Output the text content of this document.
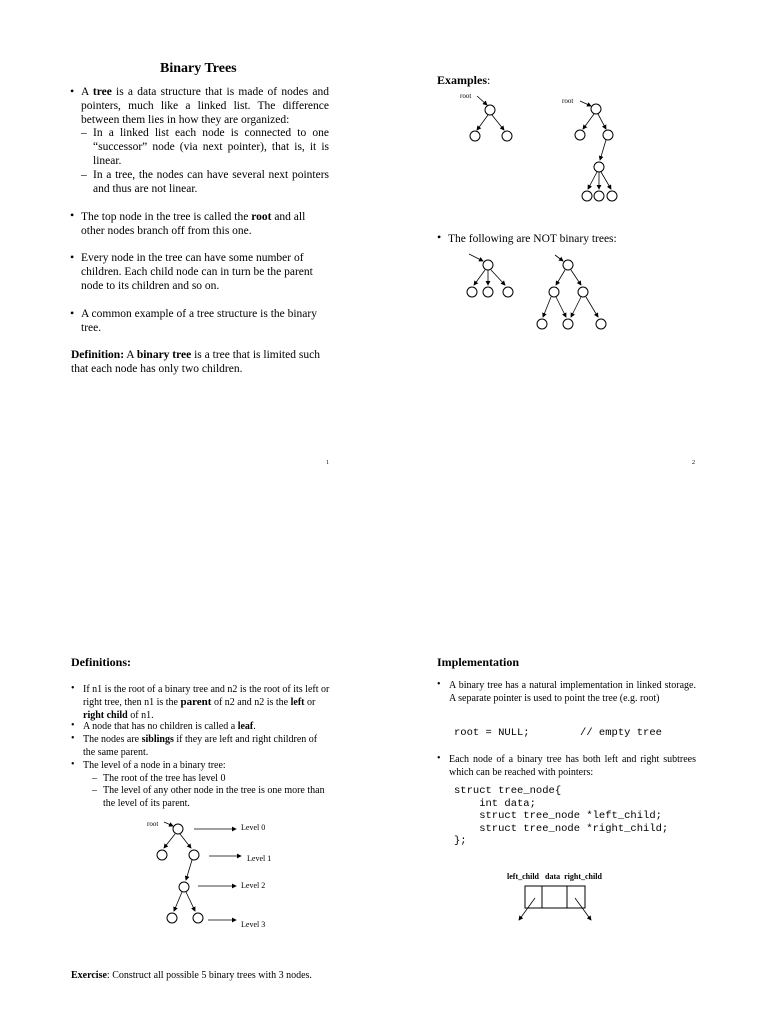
Binary Trees
• A tree is a data structure that is made of nodes and pointers, much like a linked list. The difference between them lies in how they are organized:
– In a linked list each node is connected to one “successor” node (via next pointer), that is, it is linear.
– In a tree, the nodes can have several next pointers and thus are not linear.
• The top node in the tree is called the root and all other nodes branch off from this one.
• Every node in the tree can have some number of children. Each child node can in turn be the parent node to its children and so on.
• A common example of a tree structure is the binary tree.
Definition: A binary tree is a tree that is limited such that each node has only two children.
1
Examples:
root
root
• The following are NOT binary trees:
2
Definitions:
• If n1 is the root of a binary tree and n2 is the root of its left or right tree, then n1 is the parent of n2 and n2 is the left or right child of n1.
• A node that has no children is called a leaf.
• The nodes are siblings if they are left and right children of the same parent.
• The level of a node in a binary tree:
– The root of the tree has level 0
– The level of any other node in the tree is one more than the level of its parent.
root	Level 0
Level 1
Level 2
Level 3
Exercise: Construct all possible 5 binary trees with 3 nodes.
Implementation
• A binary tree has a natural implementation in linked storage. A separate pointer is used to point the tree (e.g. root)
root = NULL;        // empty tree
• Each node of a binary tree has both left and right subtrees which can be reached with pointers:
struct tree_node{
int data;
struct tree_node *left_child;
struct tree_node *right_child;
};
left_child   data  right_child
